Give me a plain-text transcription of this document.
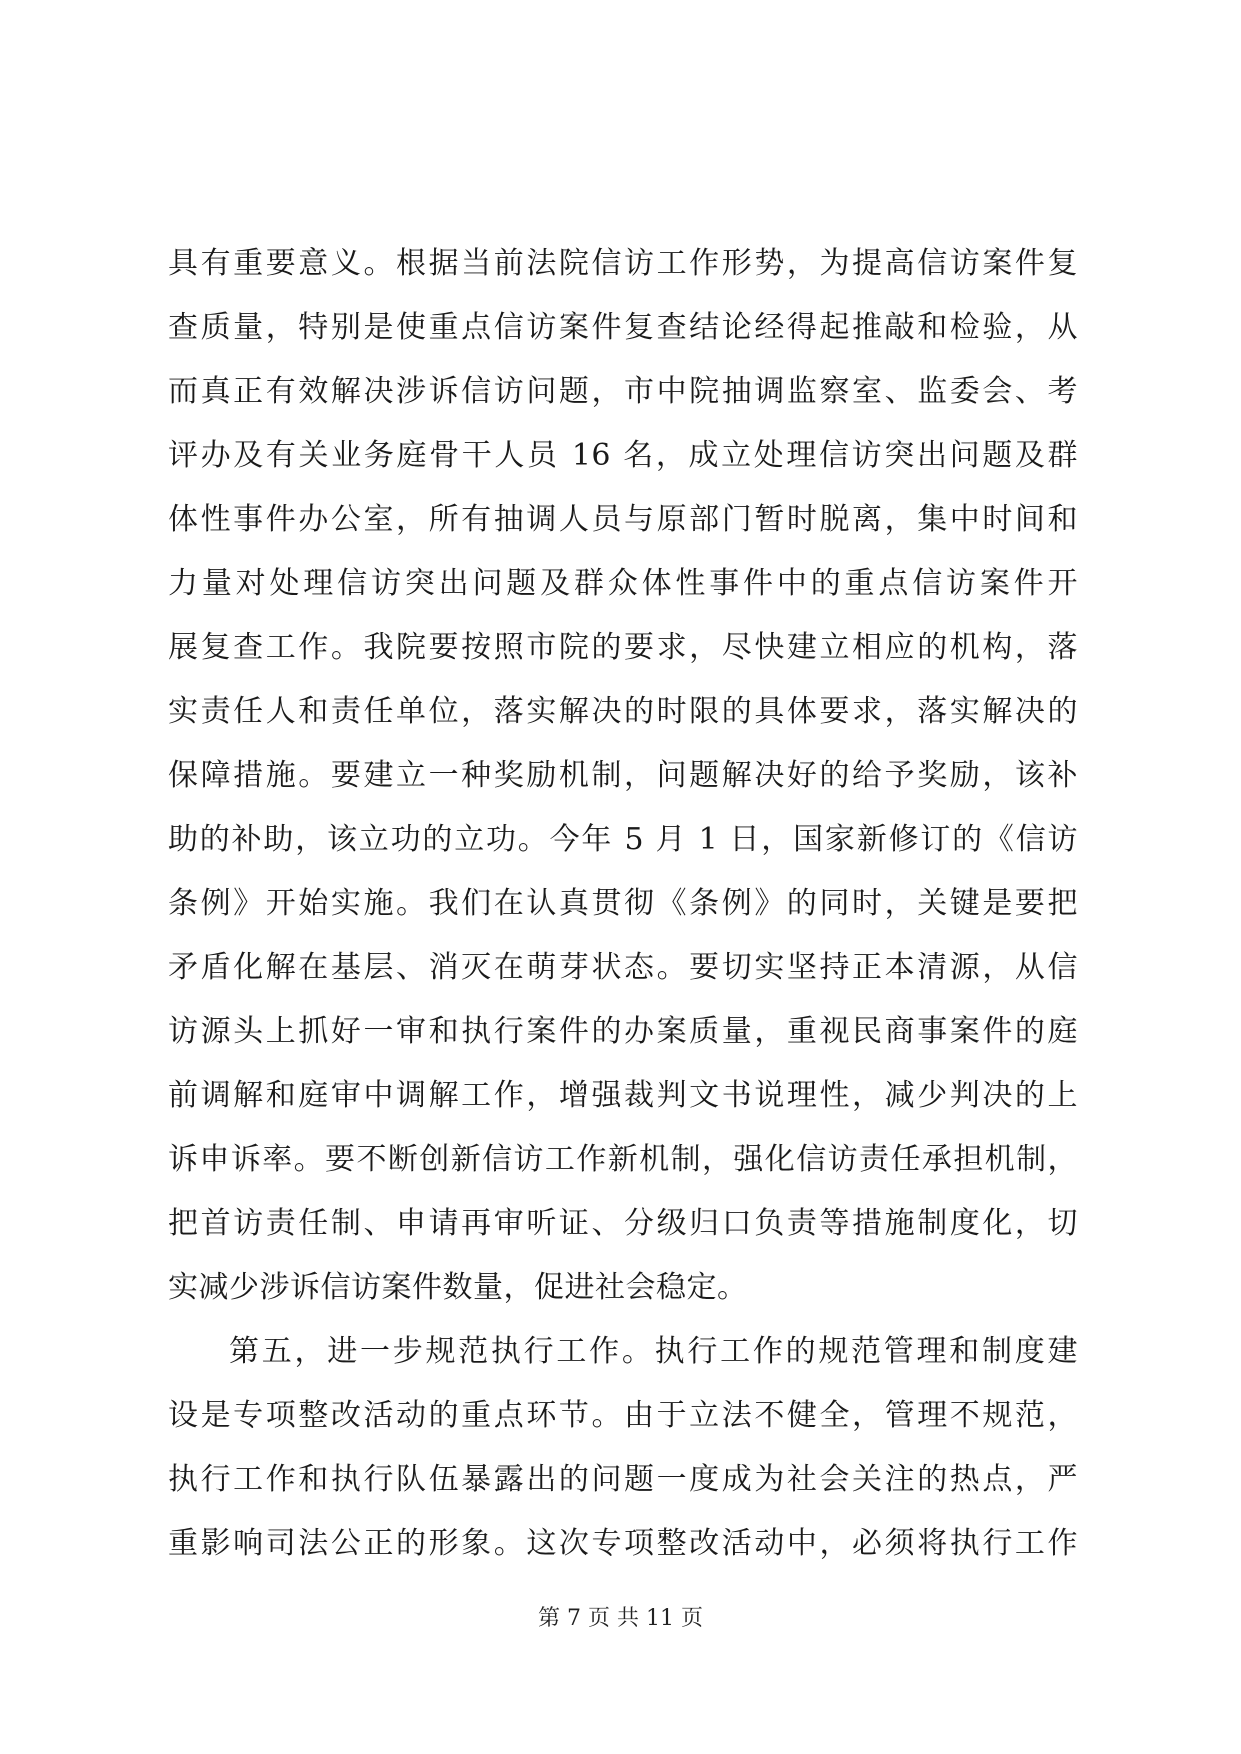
具有重要意义。根据当前法院信访工作形势，为提高信访案件复
查质量，特别是使重点信访案件复查结论经得起推敲和检验，从
而真正有效解决涉诉信访问题，市中院抽调监察室、监委会、考
评办及有关业务庭骨干人员 16 名，成立处理信访突出问题及群
体性事件办公室，所有抽调人员与原部门暂时脱离，集中时间和
力量对处理信访突出问题及群众体性事件中的重点信访案件开
展复查工作。我院要按照市院的要求，尽快建立相应的机构，落
实责任人和责任单位，落实解决的时限的具体要求，落实解决的
保障措施。要建立一种奖励机制，问题解决好的给予奖励，该补
助的补助，该立功的立功。今年 5 月 1 日，国家新修订的《信访
条例》开始实施。我们在认真贯彻《条例》的同时，关键是要把
矛盾化解在基层、消灭在萌芽状态。要切实坚持正本清源，从信
访源头上抓好一审和执行案件的办案质量，重视民商事案件的庭
前调解和庭审中调解工作，增强裁判文书说理性，减少判决的上
诉申诉率。要不断创新信访工作新机制，强化信访责任承担机制，
把首访责任制、申请再审听证、分级归口负责等措施制度化，切
实减少涉诉信访案件数量，促进社会稳定。
第五，进一步规范执行工作。执行工作的规范管理和制度建
设是专项整改活动的重点环节。由于立法不健全，管理不规范，
执行工作和执行队伍暴露出的问题一度成为社会关注的热点，严
重影响司法公正的形象。这次专项整改活动中，必须将执行工作
第 7 页 共 11 页
